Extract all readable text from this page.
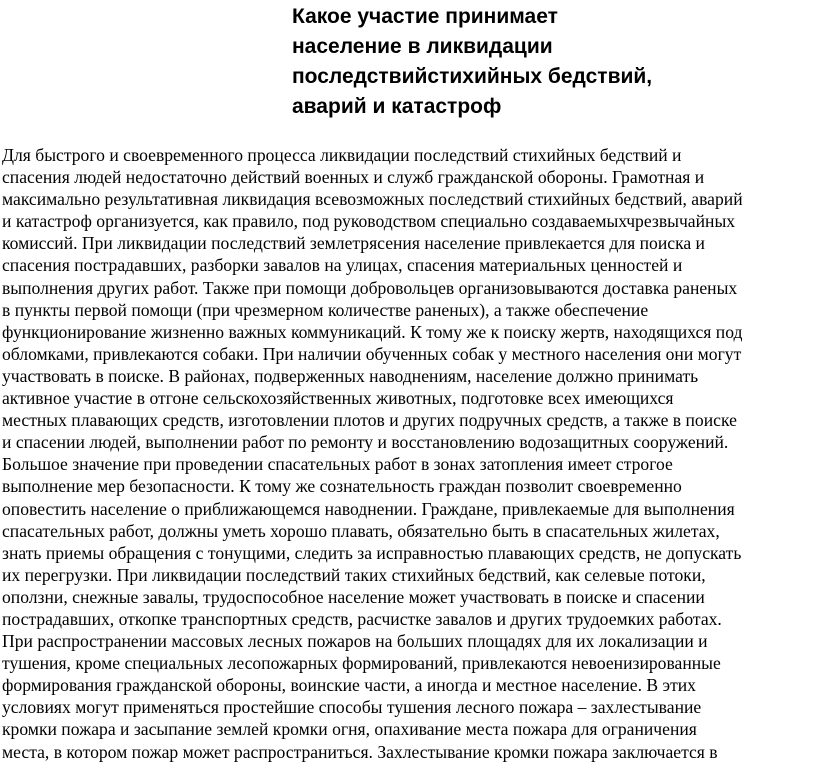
Какое участие принимает
население в ликвидации
последствийстихийных бедствий,
аварий и катастроф
Для быстрого и своевременного процесса ликвидации последствий стихийных бедствий и
спасения людей недостаточно действий военных и служб гражданской обороны. Грамотная и
максимально результативная ликвидация всевозможных последствий стихийных бедствий, аварий
и катастроф организуется, как правило, под руководством специально создаваемыхчрезвычайных
комиссий. При ликвидации последствий землетрясения население привлекается для поиска и
спасения пострадавших, разборки завалов на улицах, спасения материальных ценностей и
выполнения других работ. Также при помощи добровольцев организовываются доставка раненых
в пункты первой помощи (при чрезмерном количестве раненых), а также обеспечение
функционирование жизненно важных коммуникаций. К тому же к поиску жертв, находящихся под
обломками, привлекаются собаки. При наличии обученных собак у местного населения они могут
участвовать в поиске. В районах, подверженных наводнениям, население должно принимать
активное участие в отгоне сельскохозяйственных животных, подготовке всех имеющихся
местных плавающих средств, изготовлении плотов и других подручных средств, а также в поиске
и спасении людей, выполнении работ по ремонту и восстановлению водозащитных сооружений.
Большое значение при проведении спасательных работ в зонах затопления имеет строгое
выполнение мер безопасности. К тому же сознательность граждан позволит своевременно
оповестить население о приближающемся наводнении. Граждане, привлекаемые для выполнения
спасательных работ, должны уметь хорошо плавать, обязательно быть в спасательных жилетах,
знать приемы обращения с тонущими, следить за исправностью плавающих средств, не допускать
их перегрузки. При ликвидации последствий таких стихийных бедствий, как селевые потоки,
оползни, снежные завалы, трудоспособное население может участвовать в поиске и спасении
пострадавших, откопке транспортных средств, расчистке завалов и других трудоемких работах.
При распространении массовых лесных пожаров на больших площадях для их локализации и
тушения, кроме специальных лесопожарных формирований, привлекаются невоенизированные
формирования гражданской обороны, воинские части, а иногда и местное население. В этих
условиях могут применяться простейшие способы тушения лесного пожара – захлестывание
кромки пожара и засыпание землей кромки огня, опахивание места пожара для ограничения
места, в котором пожар может распространиться. Захлестывание кромки пожара заключается в
